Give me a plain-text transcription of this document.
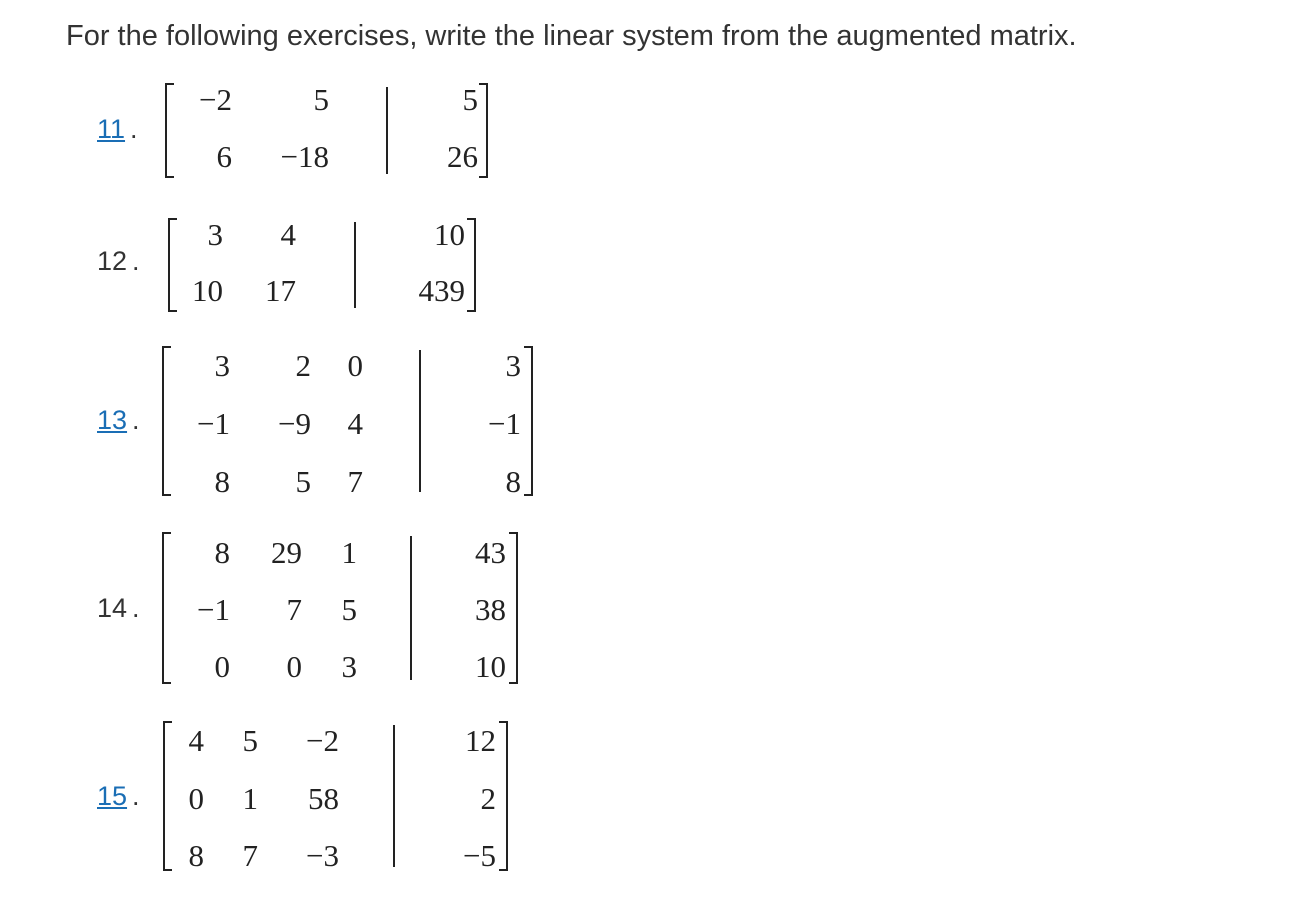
For the following exercises, write the linear system from the augmented matrix.

11 .
−2	5	5
6 −18	26
12 .
3 4	10
10 17	439
13 .
3 2 0	3
−1 −9 4	−1
8 5 7	8
14 .
8 29 1	43
−1 7 5	38
0 0 3	10
15 .
4 5 −2	12
0 1 58	2
8 7 −3	−5
